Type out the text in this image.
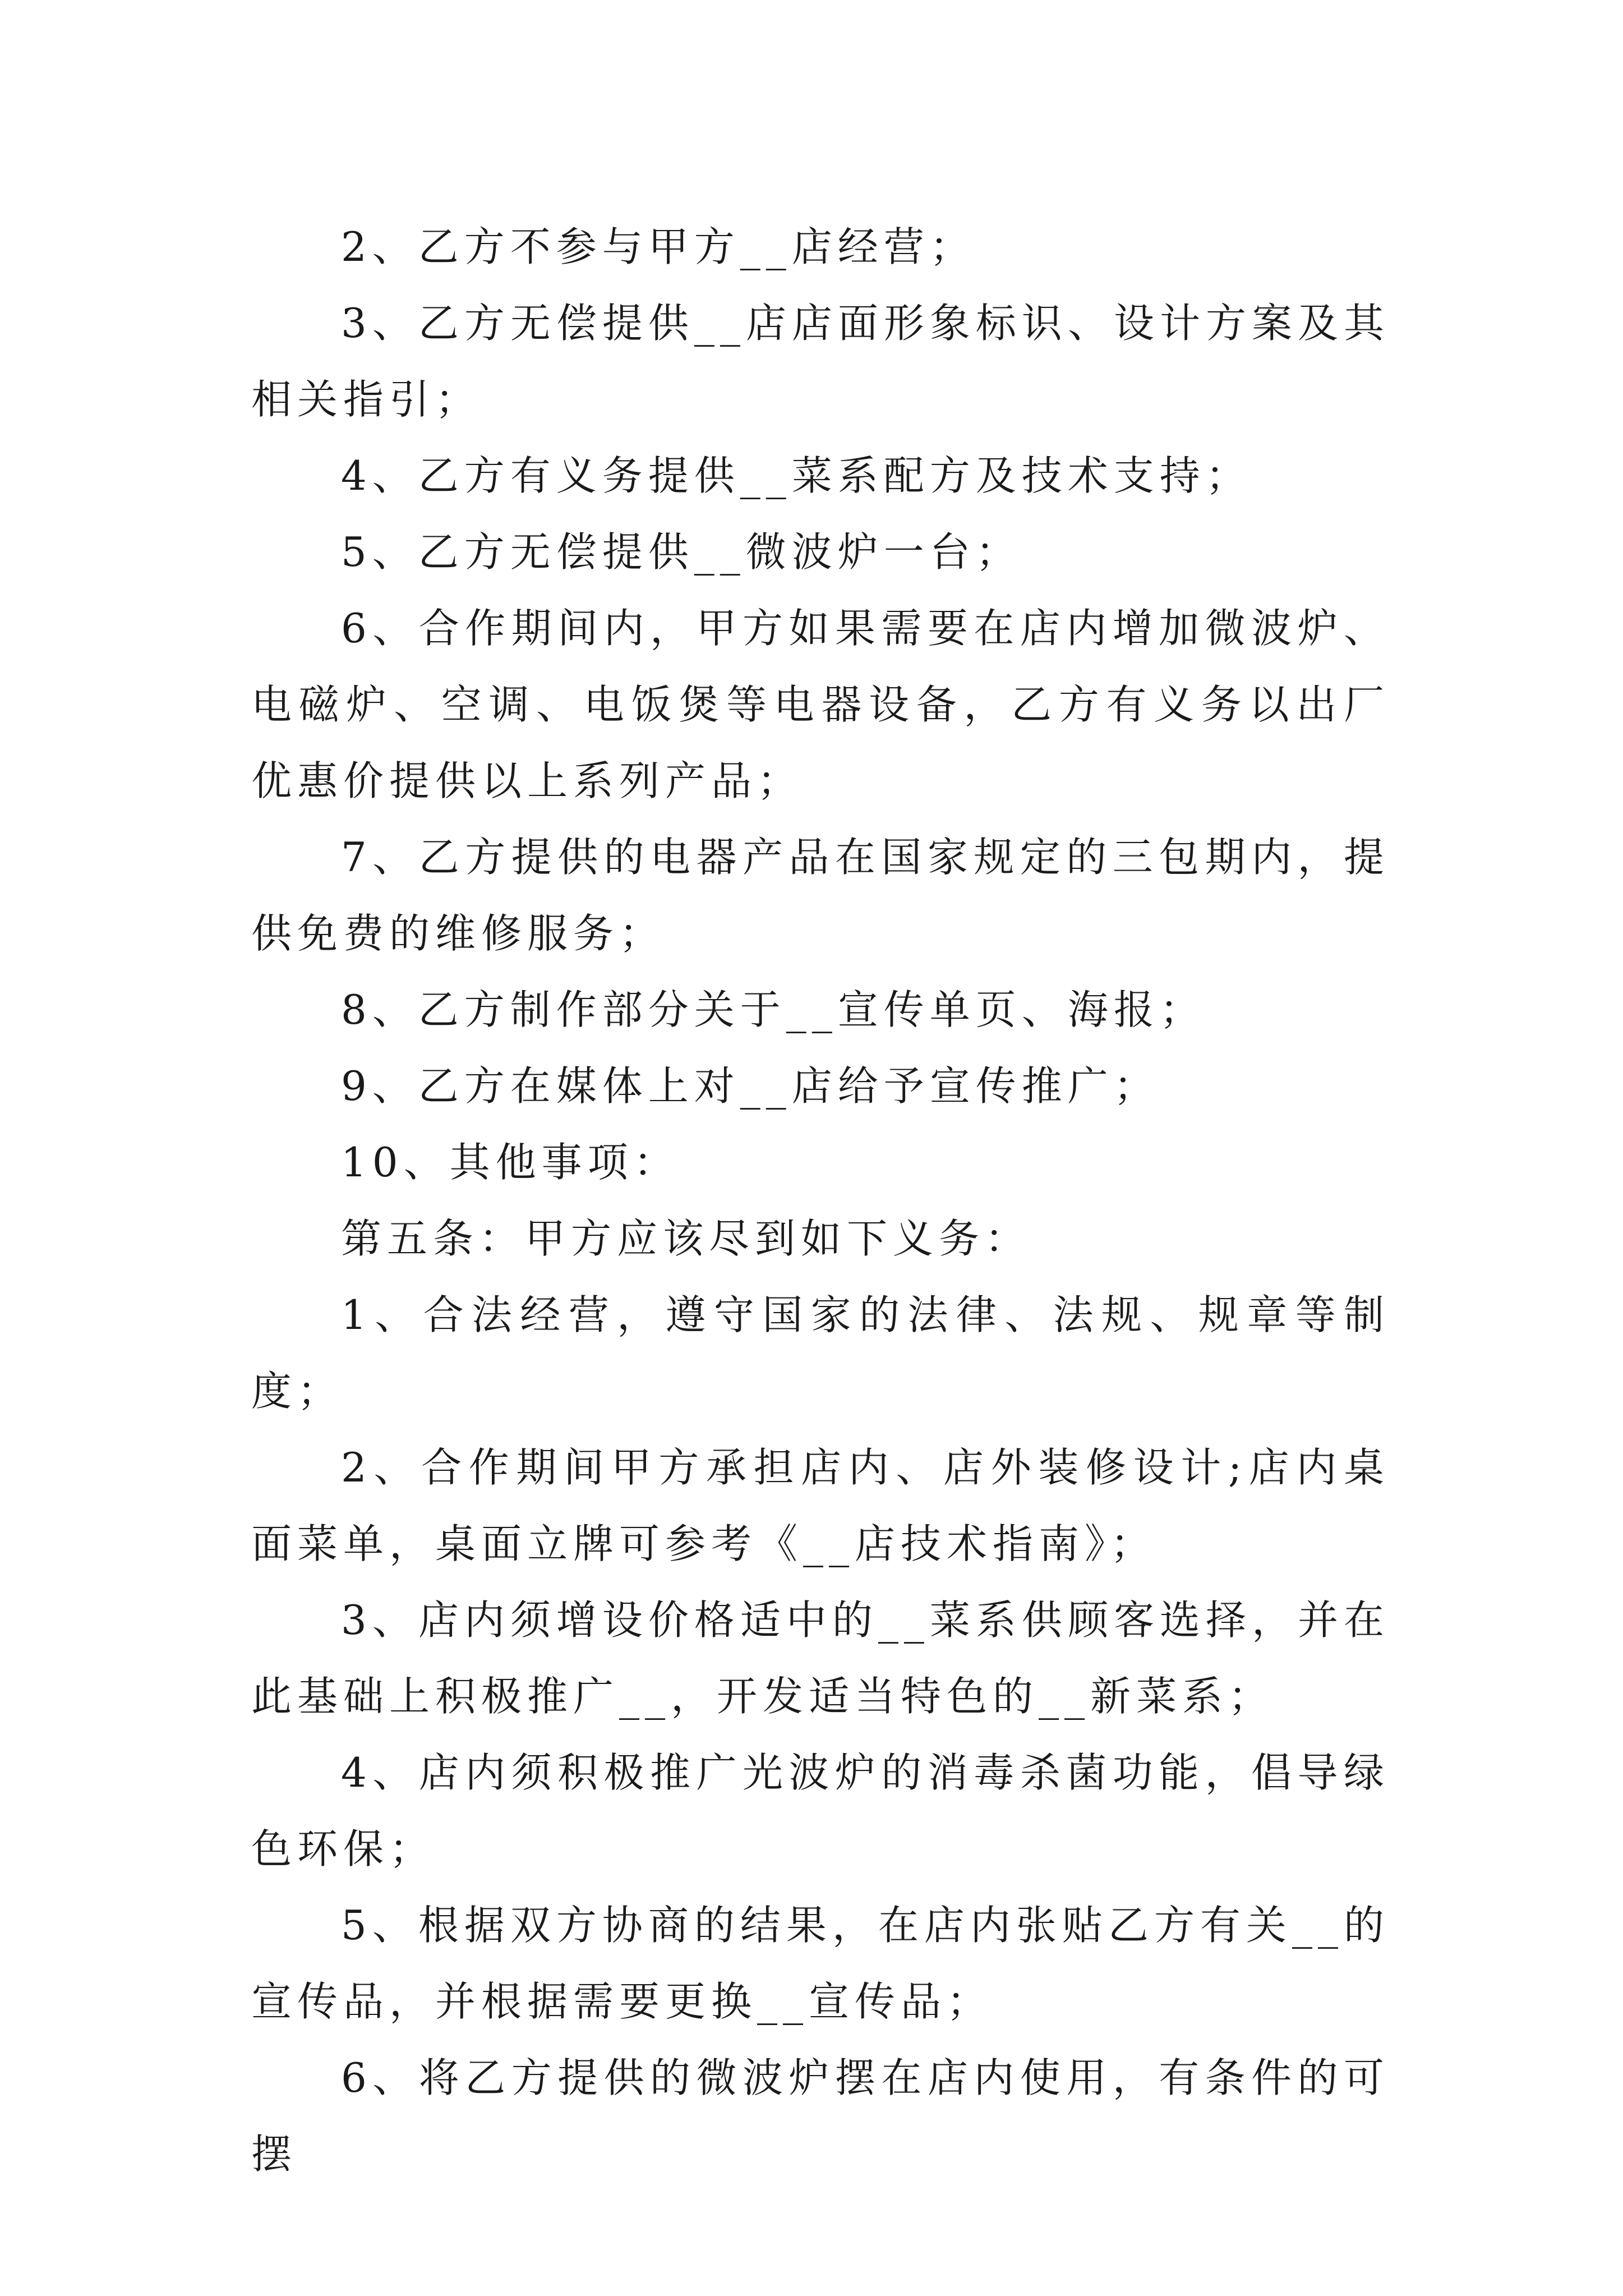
2、乙方不参与甲方__店经营；

3、乙方无偿提供__店店面形象标识、设计方案及其相关指引；

4、乙方有义务提供__菜系配方及技术支持；

5、乙方无偿提供__微波炉一台；

6、合作期间内，甲方如果需要在店内增加微波炉、电磁炉、空调、电饭煲等电器设备，乙方有义务以出厂优惠价提供以上系列产品；

7、乙方提供的电器产品在国家规定的三包期内，提供免费的维修服务；

8、乙方制作部分关于__宣传单页、海报；

9、乙方在媒体上对__店给予宣传推广；

10、其他事项：

第五条：甲方应该尽到如下义务：

1、合法经营，遵守国家的法律、法规、规章等制度；

2、合作期间甲方承担店内、店外装修设计;店内桌面菜单，桌面立牌可参考《__店技术指南》；

3、店内须增设价格适中的__菜系供顾客选择，并在此基础上积极推广__，开发适当特色的__新菜系；

4、店内须积极推广光波炉的消毒杀菌功能，倡导绿色环保；

5、根据双方协商的结果，在店内张贴乙方有关__的宣传品，并根据需要更换__宣传品；

6、将乙方提供的微波炉摆在店内使用，有条件的可摆
